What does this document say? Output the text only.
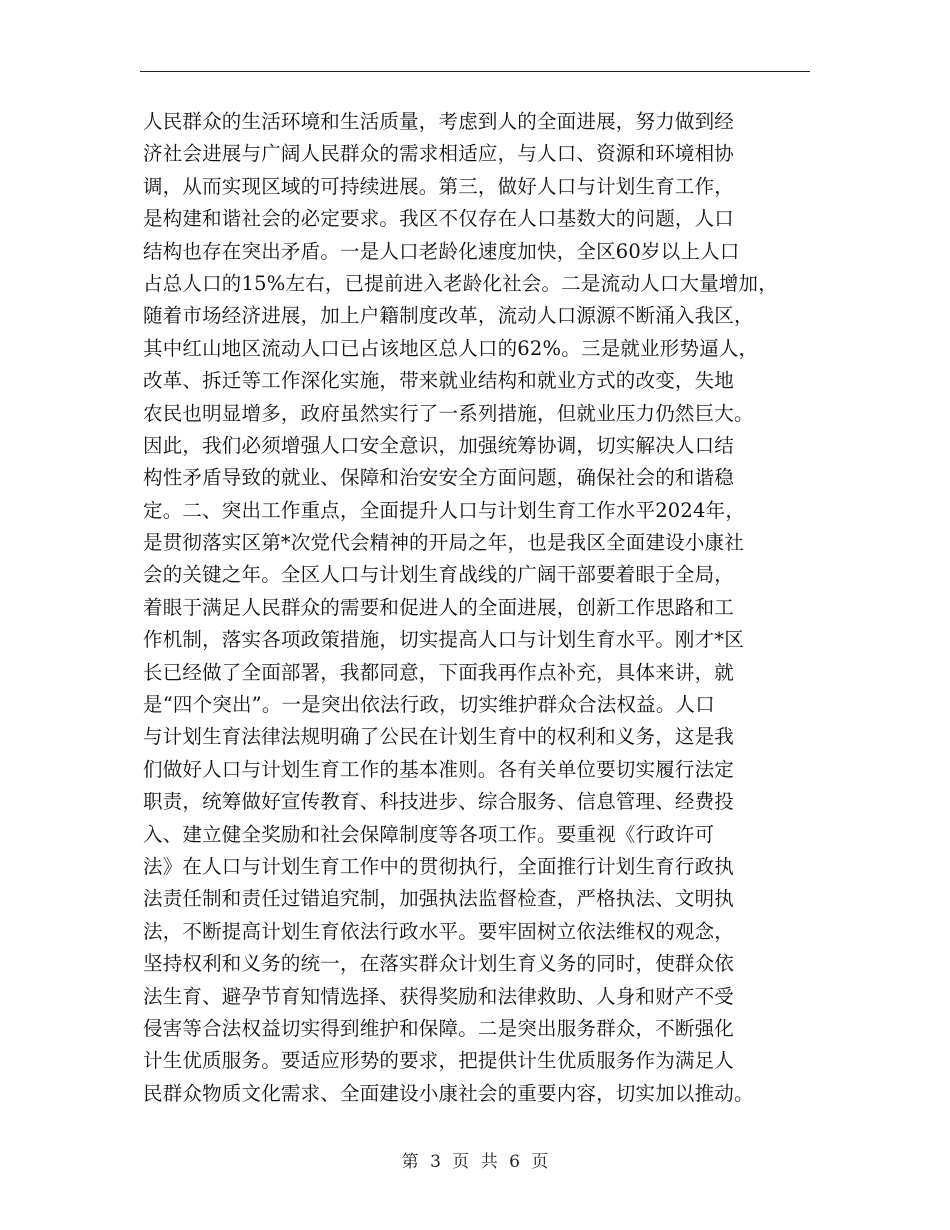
人民群众的生活环境和生活质量，考虑到人的全面进展，努力做到经
济社会进展与广阔人民群众的需求相适应，与人口、资源和环境相协
调，从而实现区域的可持续进展。第三，做好人口与计划生育工作，
是构建和谐社会的必定要求。我区不仅存在人口基数大的问题，人口
结构也存在突出矛盾。一是人口老龄化速度加快，全区60岁以上人口
占总人口的15%左右，已提前进入老龄化社会。二是流动人口大量增加，
随着市场经济进展，加上户籍制度改革，流动人口源源不断涌入我区，
其中红山地区流动人口已占该地区总人口的62%。三是就业形势逼人，
改革、拆迁等工作深化实施，带来就业结构和就业方式的改变，失地
农民也明显增多，政府虽然实行了一系列措施，但就业压力仍然巨大。
因此，我们必须增强人口安全意识，加强统筹协调，切实解决人口结
构性矛盾导致的就业、保障和治安安全方面问题，确保社会的和谐稳
定。二、突出工作重点，全面提升人口与计划生育工作水平2024年，
是贯彻落实区第*次党代会精神的开局之年，也是我区全面建设小康社
会的关键之年。全区人口与计划生育战线的广阔干部要着眼于全局，
着眼于满足人民群众的需要和促进人的全面进展，创新工作思路和工
作机制，落实各项政策措施，切实提高人口与计划生育水平。刚才*区
长已经做了全面部署，我都同意，下面我再作点补充，具体来讲，就
是“四个突出”。一是突出依法行政，切实维护群众合法权益。人口
与计划生育法律法规明确了公民在计划生育中的权利和义务，这是我
们做好人口与计划生育工作的基本准则。各有关单位要切实履行法定
职责，统筹做好宣传教育、科技进步、综合服务、信息管理、经费投
入、建立健全奖励和社会保障制度等各项工作。要重视《行政许可
法》在人口与计划生育工作中的贯彻执行，全面推行计划生育行政执
法责任制和责任过错追究制，加强执法监督检查，严格执法、文明执
法，不断提高计划生育依法行政水平。要牢固树立依法维权的观念，
坚持权利和义务的统一，在落实群众计划生育义务的同时，使群众依
法生育、避孕节育知情选择、获得奖励和法律救助、人身和财产不受
侵害等合法权益切实得到维护和保障。二是突出服务群众，不断强化
计生优质服务。要适应形势的要求，把提供计生优质服务作为满足人
民群众物质文化需求、全面建设小康社会的重要内容，切实加以推动。
第 3 页 共 6 页
